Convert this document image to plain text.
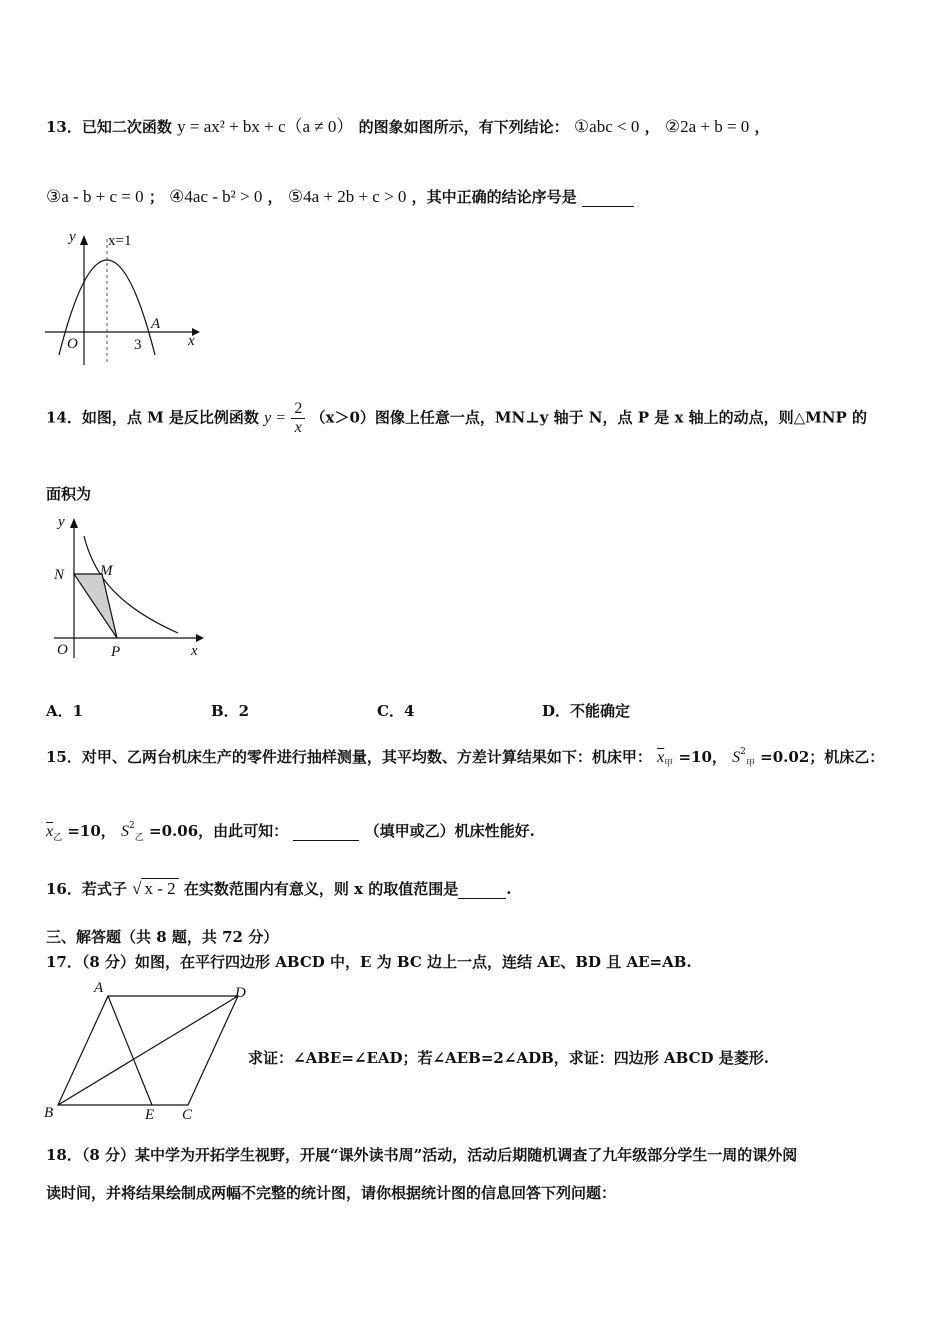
13．已知二次函数 y = ax² + bx + c（a ≠ 0） 的图象如图所示，有下列结论： ①abc < 0 ， ②2a + b = 0 ，
③a - b + c = 0 ； ④4ac - b² > 0 ， ⑤4a + 2b + c > 0 ，其中正确的结论序号是
y
x
O
x=1
3
A
14．如图，点 M 是反比例函数 $y = \frac{2}{x} (x>0)$图像上任意一点，MN⊥y 轴于 N，点 P 是 x 轴上的动点，则△MNP 的
面积为
y
x
O
N M
P
A．1	B．2	C．4	D．不能确定
15．对甲、乙两台机床生产的零件进行抽样测量，其平均数、方差计算结果如下：机床甲： $\overline{x}_甲 =10$， $S^2_甲 =0.02$；机床乙：
$\overline{x}_乙 =10$， $S^2_乙 =0.06$，由此可知：	（填甲或乙）机床性能好.
16．若式子 √ x - 2 在实数范围内有意义，则 x 的取值范围是	.
三、解答题（共 8 题，共 72 分）
17．（8 分）如图，在平行四边形 ABCD 中，E 为 BC 边上一点，连结 AE、BD 且 AE=AB.
A	D
B	E C
求证：∠ABE=∠EAD；若∠AEB=2∠ADB，求证：四边形 ABCD 是菱形.
18．（8 分）某中学为开拓学生视野，开展“课外读书周”活动，活动后期随机调查了九年级部分学生一周的课外阅
读时间，并将结果绘制成两幅不完整的统计图，请你根据统计图的信息回答下列问题：
